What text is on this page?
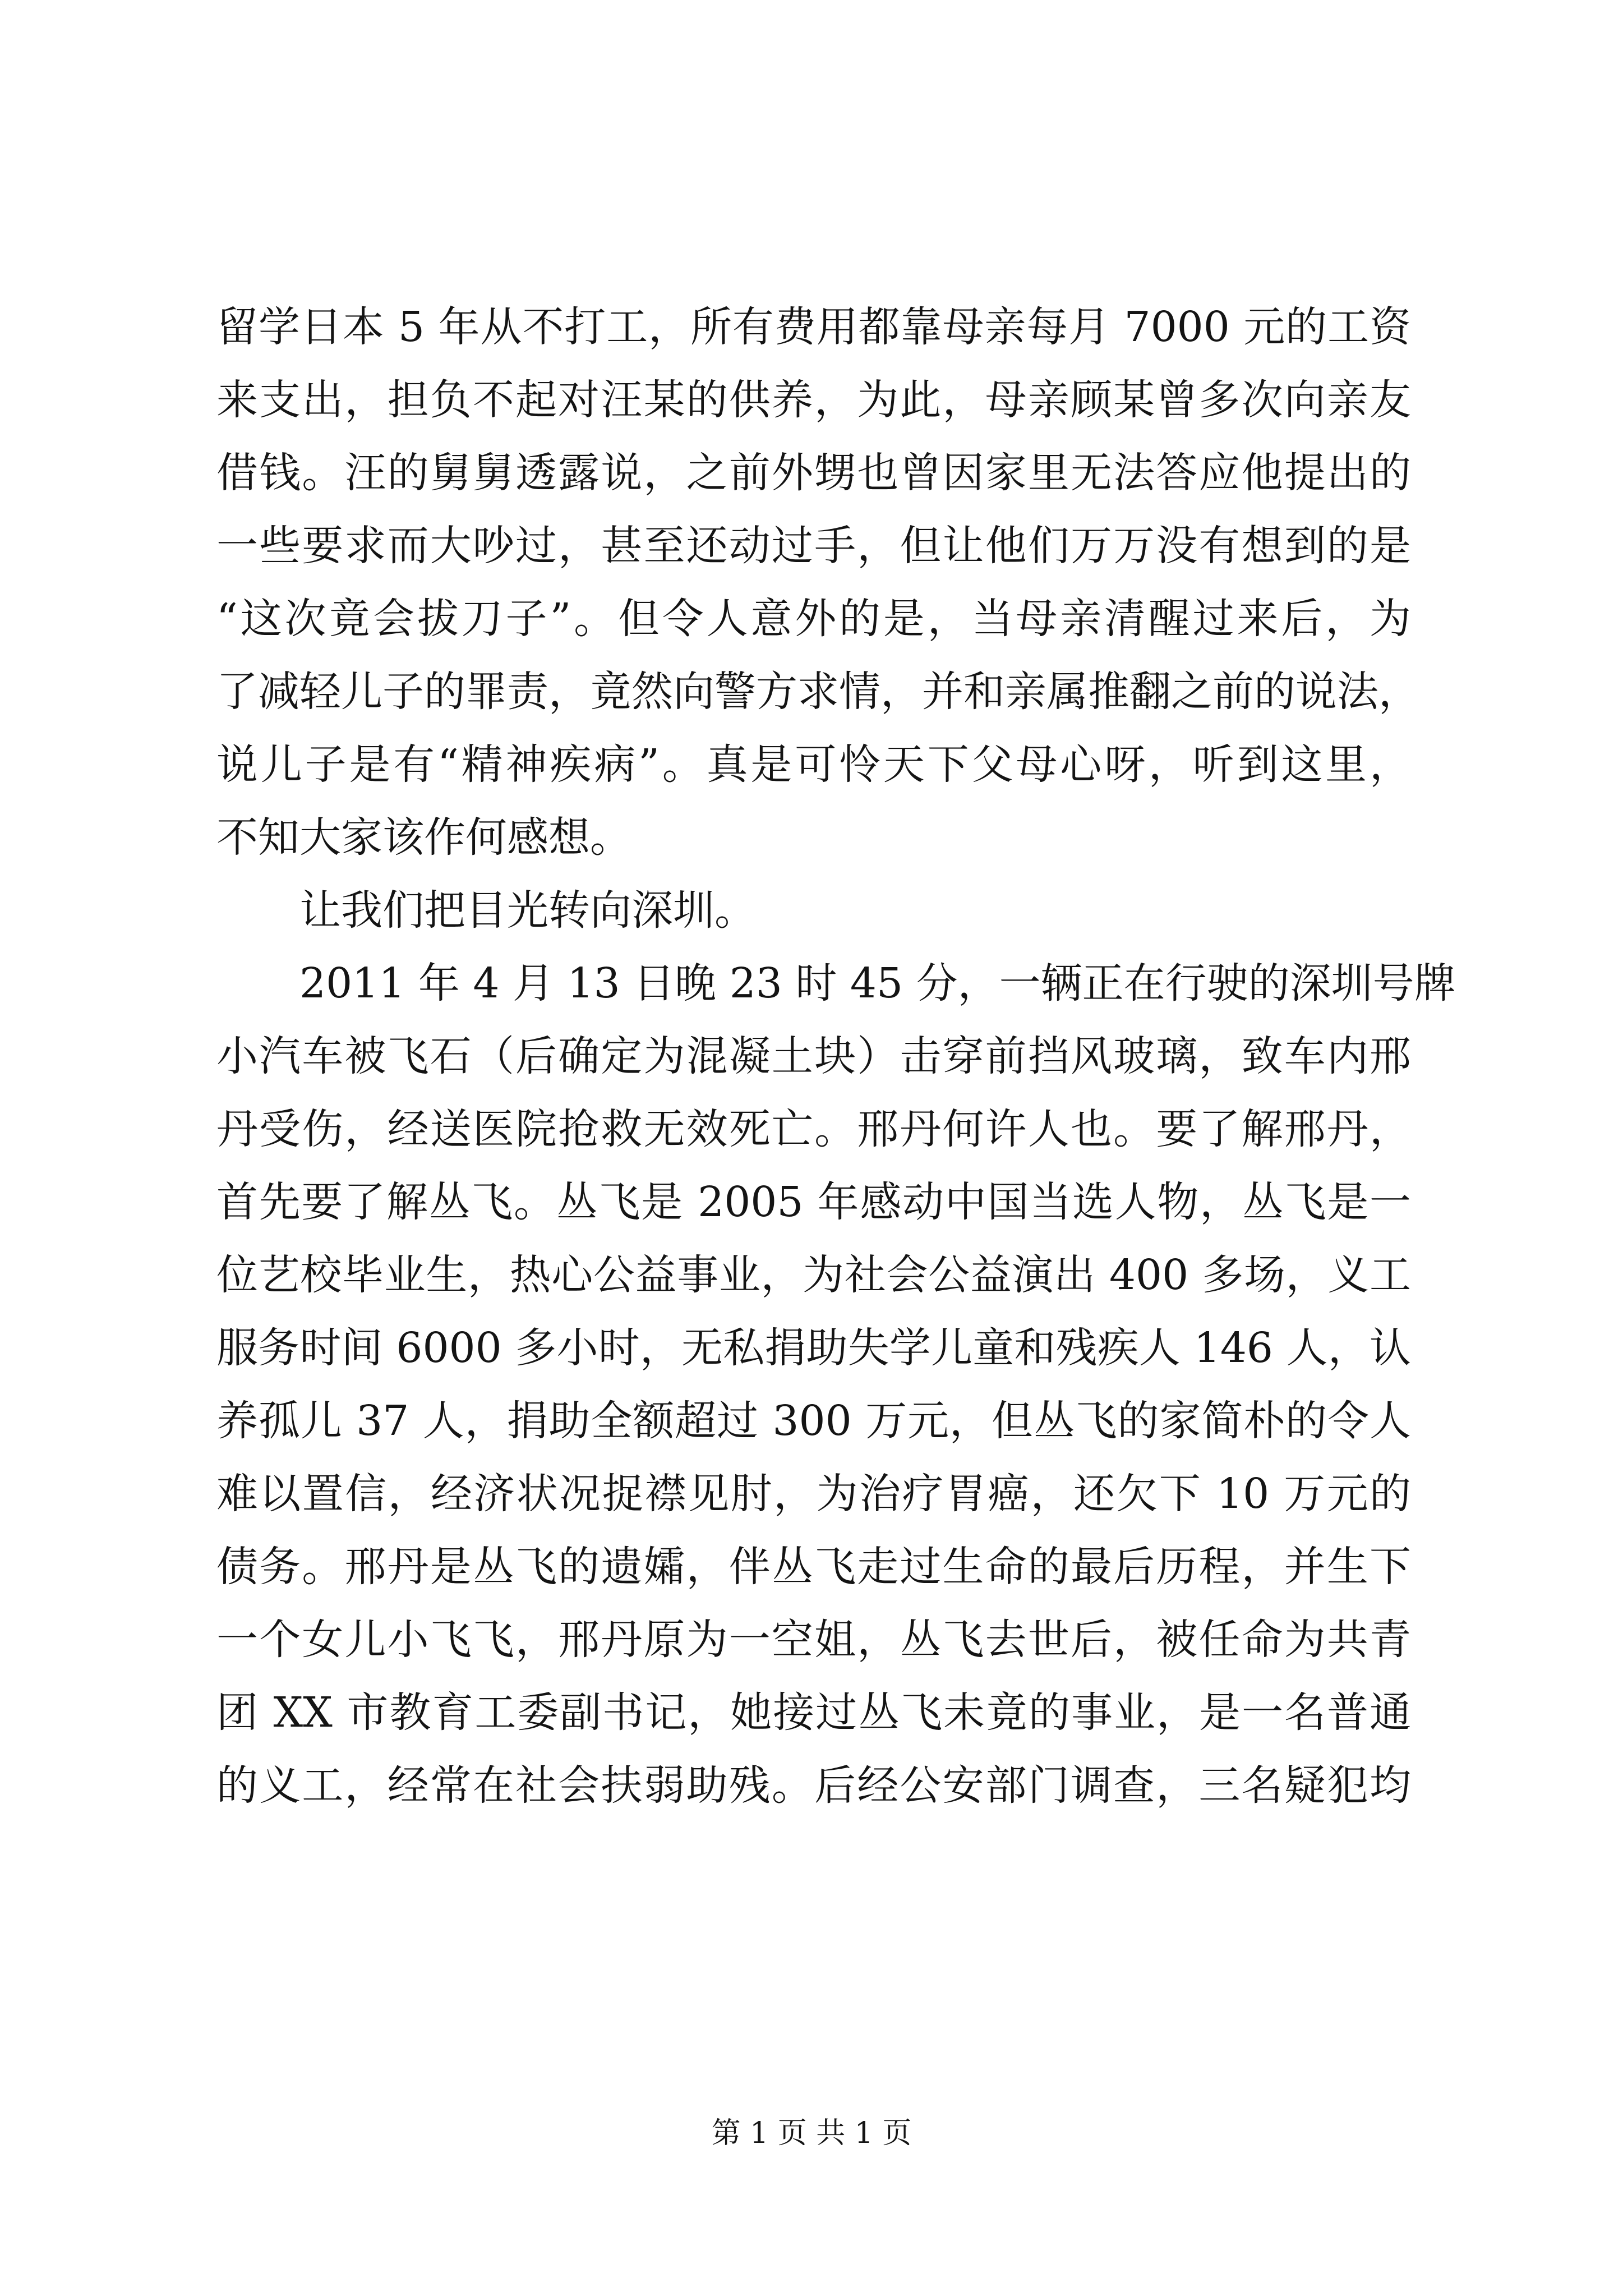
留学日本 5 年从不打工，所有费用都靠母亲每月 7000 元的工资
来支出，担负不起对汪某的供养，为此，母亲顾某曾多次向亲友
借钱。汪的舅舅透露说，之前外甥也曾因家里无法答应他提出的
一些要求而大吵过，甚至还动过手，但让他们万万没有想到的是
“这次竟会拔刀子”。但令人意外的是，当母亲清醒过来后，为
了减轻儿子的罪责，竟然向警方求情，并和亲属推翻之前的说法，
说儿子是有“精神疾病”。真是可怜天下父母心呀，听到这里，
不知大家该作何感想。
让我们把目光转向深圳。
2011 年 4 月 13 日晚 23 时 45 分，一辆正在行驶的深圳号牌
小汽车被飞石（后确定为混凝土块）击穿前挡风玻璃，致车内邢
丹受伤，经送医院抢救无效死亡。邢丹何许人也。要了解邢丹，
首先要了解丛飞。丛飞是 2005 年感动中国当选人物，丛飞是一
位艺校毕业生，热心公益事业，为社会公益演出 400 多场，义工
服务时间 6000 多小时，无私捐助失学儿童和残疾人 146 人，认
养孤儿 37 人，捐助全额超过 300 万元，但丛飞的家简朴的令人
难以置信，经济状况捉襟见肘，为治疗胃癌，还欠下 10 万元的
债务。邢丹是丛飞的遗孀，伴丛飞走过生命的最后历程，并生下
一个女儿小飞飞，邢丹原为一空姐，丛飞去世后，被任命为共青
团 XX 市教育工委副书记，她接过丛飞未竟的事业，是一名普通
的义工，经常在社会扶弱助残。后经公安部门调查，三名疑犯均
第 1 页 共 1 页
